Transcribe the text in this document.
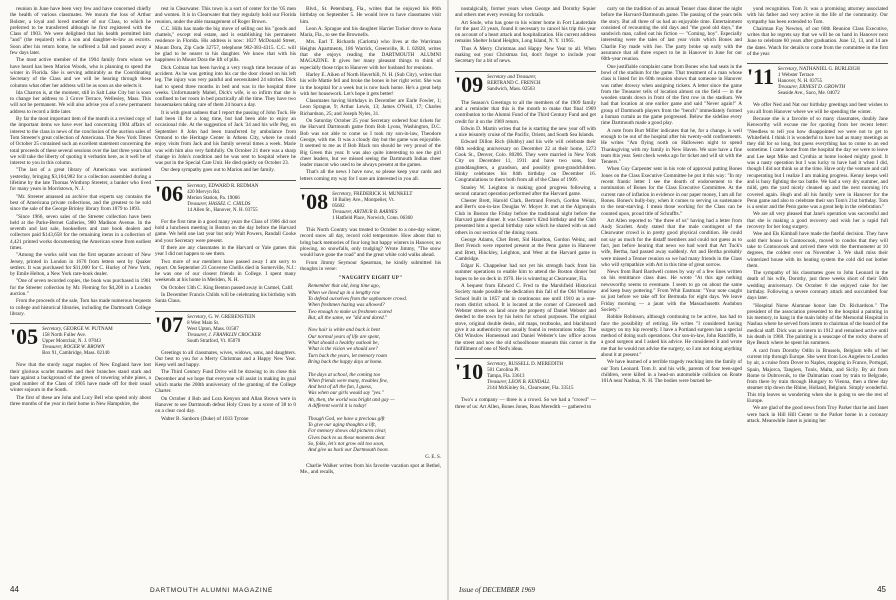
reunion in June have been very few and have concerned chiefly the health of various classmates. We mourn the loss of Arthur Bolster, a loyal and loved member of our Class, to which he preferred to be transferred although he first registered with the Class of 1903. We were delighted that his health permitted him "and" (the required) with a son and daughter-in-law as escorts. Soon after his return home, he suffered a fall and passed away a few days later.

The most active member of the 1904 family from whom we have heard has been Marion Woods, who is planning to spend the winter in Florida. She is serving admirably as the Coordinating Secretary of the Class and we will be hearing through these columns what other her address will be as soon as she selects it.

Ida Charron is, at the moment, still in Salt Lake City but is soon to change her address to 3 Grove Terrace, Wellesley, Mass. This will not be permanent. We will also advise you of a new permanent address to record a little later.

By far the most important item of the month is a revised copy of the important items we have ever had concerning 1904 affairs of interest to the class in news of the conclusion of the auction sales of Tom Streeter's great collection of Americana. The New York Times of October 25 contained such an excellent statement concerning the total proceeds of these several sessions over the last three years that we will take the liberty of quoting it verbatim here, as it well be of interest to you in this column.

"The last of a great library of Americana was auctioned yesterday, bringing $3,104,982 for a collection assembled during a lifetime by the late Thomas Winthrop Streeter, a banker who lived for many years in Morristown, N. J.

"Mr. Streeter amassed an archive that experts say contains the best of Americana private collections, and the greatest to be sold since the sale of the George Brinley library from 1879 to 1893.

"Since 1966, seven sales of the Streeter collection have been held at the Parke-Bernet Galleries, 980 Madison Avenue. In the seventh and last sale, booksellers and rare book dealers and collectors paid $143,658 for the remaining items in a collection of 4,421 printed works documenting the American scene from earliest times.

"Among the works sold was the first separate account of New Jersey, printed in London in 1676 from letters sent by Quaker settlers. It was purchased for $11,000 for C. Hurley of New York, by Emile Helton, a New York rare-book dealer.

"One of seven recorded copies, the book was purchased in 1961 for the Streeter collection by Mr. Fleming for $4,200 in a London auction."

From the proceeds of the sale, Tom has made numerous bequests to college and historical libraries, including the Dartmouth College library.

'05 Secretary, GEORGE W. PUTNAM
158 North Fuller Ave.
Upper Montclair, N. J. 07043
Treasurer, ROGER W. BROWN
Box 91, Cambridge, Mass. 02140

Now that the sturdy sugar maples of New England have lost their glorious scarlet mantles and their branches stand stark and bare against a background of the green of towering white pines, a good number of the Class of 1905 have made off for their usual winter sojourn in the South.

The first of these are John and Lucy Bell who spend only about three months of the year in their home in New Hampshire, the

rest in Clearwater. This town is a sort of center for the '05 men and women. It is in Clearwater that they regularly hold our Florida reunion, under the able management of Roger Brown.

C.C. Hills has made the big move of selling out his "goods and chattels," except real estate, and is establishing his permanent residence in Florida. His address is now: 1027 McDonald Street, Mount Dora, Zip Code 32757, telephone 902-383-4315. C.C. will be glad to be nearer to his daughter. We know that with his happiness in Mount Dora the lift of pills.

Dick Colman has been having a very rough time because of an accident. As he was getting into his car the door closed on his left leg. The injury was very painful and necessitated 24 stitches. Dick had to spend three months in bed and was in the hospital three weeks. Unfortunately Mabel, Dick's wife, is so infirm that she is confined to her room in bed practically all the time. They have two housemakers taking care of them 24 hours a day.

It is with great sadness that I report the passing of John Tuck. He had been ill for a long time, but had been able to enjoy an occasional ride. At the suggestion of Jack '34 and his wife Peg, on September 8 John had been transferred by ambulance from Ormond to the Heritage Center in Athens City, where he could enjoy visits from Jack and his family several times a week. Marie was with him also very faithfully. On October 21 there was a sharp change in John's condition and he was sent to hospital where he was put in the Special Care Unit. He died quietly on October 23.

Our deep sympathy goes out to Marion and her family.

'06 Secretary, EDWARD R. REDMAN
420 Mervyn Rd.
Merion Station, Pa. 19066
Treasurer, HASSEL C. CHILDS
14 Allen St., Hanover, N. H. 03755

For the first time in a good many years the Class of 1906 did not hold a luncheon meeting in Boston on the day before the Harvard game. We held one last year but only Walt Powers, Randall Cooke and your Secretary were present.

If there are any classmates in the Harvard or Yale games this year I did not happen to see them.

Two more of our members have passed away I am sorry to report. On September 23 Converse Chellis died in Somerville, N.J.: he was one of our closest friends in College. I spent many weekends at his home in Meriden, N. H.

On October 13th C. King Benton passed away in Carmel, Calif.

In December Francis Childs will be celebrating his birthday with Santa Claus.

'07 Secretary, G. W. GREBENSTEIN
8 West Main St.
West Upton, Mass. 01587
Treasurer, J. FRANKLIN CROCKER
South Stratford, Vt. 05070

Greetings to all classmates, wives, widows, sons, and daughters. Our best to you for a Merry Christmas and a Happy New Year. Keep well and happy.

The Third Century Fund Drive will be drawing to its close this December and we hope that everyone will assist in making its goal which marks the 200th anniversary of the granting of the College Charter.

On October 4 Bob and Lora Kenyon and Allan Brown were in Hanover to see Dartmouth defeat Holy Cross by a score of 38 to 0 on a clear cool day.

Walter B. Sanborn (Duke) of 1033 Tyrone

Blvd., St. Petersburg, Fla., writes that he enjoyed his 86th birthday on September 5. He would love to have classmates visit him.

Leon A. Sprague and his daughter Harriet Tucker drove to Anna Maria, Fla., to see the Brownells.

Mrs. Earl T. Richards (Carlotta) who lives at the Warriman Heights Apartments, 186 Warrick, Greenville, R. I. 02828, writes that she enjoys reading the DARTMOUTH ALUMNI MAGAZINE. It gives her many pleasant things to think of especially those trips to Hanover with her husband for reunions.

Harley E. Aiken of North Haverhill, N. H. (Sub City), writes that his wife Mattie fell and broke the bones in her right wrist. She was in the hospital for a week but is now back home. He's a great help with her housework. Let's hope it gets better!

Classmates having birthdays in December are Earle Fowler, 1; Leon Sprague, 9; Arthur Lewis, 13; James O'Neill, 17; Charles Richardson, 25; and Joseph Nyles, 31.

On Saturday October 25 your Secretary ordered four tickets for the Harvard Dartmouth game from Bob Lyons, Washington, D.C. Bob was not able to come so I took my son-in-law, Theodore George, with me. It was a cloudy day but the game was enjoyable. It seemed to me as if Bob Black ton should be very proud of the Big Green this year. It was also quite interesting to see the girl cheer leaders, but we missed seeing the Dartmouth Indian cheer leader mascot who used to be always present at the games.

That's all the news I have now, so please keep your cards and letters coming my way for I sure am interested in you all.

'08 Secretary, FREDERICK H. MUNKELT
18 Bailey Ave., Montpelier, Vt.
05602
Treasurer, ARTHUR B. BARNES
1 Hatfield Place, Norwich, Conn. 06360

This North Country was treated to October to a one-day winter, record snow all day, record cold temperature. How about that to bring back memories of four long but happy winters in Hanover, no plowing, no snowfalls, only trudging? Wrote Jimmy, "The snow would have gone the road" and the great white cold walks ahead.

From Jimmy Seymour Spearman, he kindly submitted his thoughts in verse:

"NAUGHTY EIGHT UP"

Remember that old, long time ago,
When we lined up in a lengthy row
To defend ourselves from the sophomore crowd.
When freshmen hazing was allowed?
Two enough to make us freshmen scared
But, all the same, we "did and dared."

Now hair is white and back is bent
Our normal years of life are spent,
What should a healthy outlook be,
What is the vision we should see?
Turn back the years, let memory roam
Bring back the happy days at home.

The days at school, the coming too
When friends were many, troubles few,
And best of all the fun, I guess,
Was when our girls would say "yes."
Ah, then, the world was bright and gay —
A different world it is today!

Though God, we have a precious gift
To give our aging thoughts a lift,
For memory shows old pictures clear,
Gives back to us those moments dear.
So, folks, let's not grow old too soon,
And give us back our Dartmouth boon.

G. E. S.

Charlie Walker writes from his favorite vacation spot at Bethel, Me., and recalls,

44	DARTMOUTH ALUMNI MAGAZINE

nostalgically, former years when George and Dorothy Squier and others met every evening for cocktails.

Art Soule, who has gone to his winter home in Fort Lauderdale for the past 23 years, found it necessary to cancel his trip this year on account of a heart attack and hospitalization. His current address remains Shelter Island Heights, Long Island, N. Y. 11965.

Thus A Merry Christmas and Happy New Year to all. When making out your Christmas list, don't forget to include your Secretary for a bit of news.

'09 Secretary and Treasurer,
BERTRAND C. FRENCH
Sandwich, Mass. 02563

The Season's Greetings to all the members of the 1909 family and a reminder that this is the month to make that final 1969 contribution to the Alumni Fund of the Third Century Fund and get credit for it on the 1969 return.

Edwin D. Martin writes that he is starting the new year off with a nice leisurely cruise of the Pacific, Orient, and South Sea Islands.

Edward Dillon Rich (Hubby) and his wife will celebrate their 60th wedding anniversary on December 22 at their home, 1273 Cook St., Denver, Colo. 80206. They were married in New York City on December 11, 1911 and have two sons, four granddaughters, a grandson, and possibly great-grandchildren. Hinky celebrates his 84th birthday on December 16. Congratulations to them both from all of the Class of 1909.

Stanley W. Leighton is making good progress following a second cataract operation performed after the Harvard game.

Chester Brett, Harold Clark, Bertrand French, Gordon Weinz, and Bert's son-in-law Douglas W. Moyer Jr. met at the Algonquin Club in Boston the Friday before the traditional night before the Harvard game dinner. It was Chester's 82nd birthday and the Club presented him a special birthday cake which he shared with us and others in our section of the dining room.

George Adams, Chet Brett, Sid Hazelton, Gordon Weinz, and Bert French were reported present at the Penn game in Hanover and Brett, Hinckley, Leighton, and West at the Harvard game in Cambridge.

Edgar K. Chappelear had not yet his strength back from his summer operations to enable him to attend the Boston dinner but hopes to be on deck in 1970. He is wintering at Clearwater, Fla.

A bequest from Edward C. Fred to the Marshfield Historical Society made possible the dedication this fall of the Old Winslow School built in 1857 and in continuous use until 1910 as a one-room district school. It is located at the corner of Careswell and Webster streets on land once the property of Daniel Webster and deeded to the town by his heirs for school purposes. The original stove, original double desks, old maps, textbooks, and blackboard give it an authenticity not usually found in restorations today. The Old Winslow Homestead and Daniel Webster's law office across the street and now the old schoolhouse museum this corner is the fulfillment of one of Ned's ideas.

'10 Secretary, RUSSELL D. MEREDITH
501 Carolina Pl.
Tampa, Fla. 33613
Treasurer, LEON B. KENDALL
2144 McKinley St., Clearwater, Fla. 33515

Two's a company — three is a crowd. So we had a "crowd" — three of us: Art Allen, Bones Jones, Russ Meredith — gathered to

carry on the tradition of an annual Tenner class dinner the night before the Harvard-Dartmouth game. The passing of the years tells the story. But all three of us had an enjoyable time. Entertainment consisted of recounting the old days and "the good old days," the sandwich man, called out his fiction — "Coming, boy". Especially interesting were the tales of last year visits which Bones and Charlie Fay made with Joe. The party broke up early with the assurance that all three expect to be in Hanover in June for our 60th-year reunion.

One justifiable complaint came from Bones who had seats in the bowl of the stadium for the game. That treatment of a man whose class is listed for its 60th reunion shows that someone in Hanover was rather drowsy when assigning tickets. A letter since the game from the Treasurer tells of location almost on the field — in the wooden stands down in front of the first row in the stadium. We had that location at one earlier game and said "Never again!" A group of Dartmouth players from the "bench" immediately formed a human curtain as the game progressed. Below the sideline every time Dartmouth made a good play.

A note from Burt Miller indicates that he, for a change, is well enough to be out of the hospital after his twenty-odd confinements. He writes "Am flying north on Halloween night to spend Thanksgiving with my family in New Haven. We sure have a fine team this year. Sent check weeks ago for ticket and will sit with the Tenners."

When Guy Carpenter sent in his vote of approval putting Bones Jones on the Class Executive Committee he put it this way: "In my recent frantic letter I see the dearth of endorsement to the nomination of Bones for the Class Executive Committee. At the current rate of inflation in evidence in our paper money, I am all for Bones. Bones's bully-boy, when it comes to serving us sustenance to the near-starving. I mean those working for the Class can be counted upon, proud title of Schraffts."

Art Allen reported to "the three of us" having had a letter from Andy Scarlett. Andy stated that the male contingent of the Clearwater crowd is in pretty good physical condition. He could not say as much for the distaff members and could not guess as to fact, just before hearing that news we had word that Art Tuck's wife, Bertha, had passed away suddenly. Art and Bertha probably were missed a Tenner reunion so we had many friends in the Class who will sympathize with Art in this time of great sorrow.

News from Bard Bardwell comes by way of a few lines written on his remittance class dues. He wrote "At this age nothing newsworthy seems to eventuate. I seem to go on about the same and keep busy pottering." From Whit Eastman: "Your note caught us just before we take off for Bermuda for eight days. We leave Friday morning — a jaunt with the Massachusetts Audubon Society."

Robbie Robinson, although continuing to be active, has had to face the possibility of retiring. He writes "I considered having surgery on my hip recently. I have a Portland surgeon has a special method of doing such operations. Our son-in-law, John Ratcliffe, is a good surgeon and I asked his advice. He considered it and wrote me that he would not advise the surgery, so I am not doing anything about it at present."

We have learned of a terrible tragedy reaching into the family of our Tom Leonard. Tom Jr. and his wife, parents of four teen-aged children, were killed in a head-on automobile collision on Route 101A near Nashua, N. H. The bodies were burned be-

yond recognition. Tom Jr. was a promising attorney associated with his father and very active in the life of the community. Our sympathy has been extended to Tom.

Chairman Fay Newton, of our 60th Reunion Class Executive, writes that he regrets say that we will be on hand in Hanover next June to celebrate 60 years after graduation. June 12, 13, and 14 are the dates. Watch for details to come from the committee in the first of the year.

'11 Secretary, NATHANIEL G. BURLEIGH
1 Webster Terrace
Hanover, N. H. 03755
Treasurer, ERNEST D. GROWTH
Seaside Ave., Saco, Me. 04072

We offer Ned and Nat our birthday greetings and best wishes to you all from Hanover where we will be spending the winter.

Because she is a favorite of so many classmates, doubly Jane Kenworthy will excuse me for quoting from her recent letter: "Needless to tell you how disappointed we were not to get to Whitefield. I think it is wonderful to have had as many meetings as they did for so long, but guess everything has to come to an end sometime. I came home from the hospital the day we were to leave and Lee kept Mike and Cynthia at home looked mighty good. It was a nasty operation but I was lucky to have had it when I did, though I did not think so at the time. Have only the venture and call recuperating but I realize I am making progress. Kenny keeps well and is busy fighting the tax battle. We had a very dry summer, and mild, gets the yard nicely cleaned up and the next morning it's covered again. Hugh and all his family were in Hanover for the Penn game and also to celebrate their son Tom's 21st birthday. Tom is a senior and the Penn game was a great help in the celebration."

We are all very pleased that Jane's operation was successful and that she is making a good recovery and wish her a rapid full recovery for her long surgery.

Wee and Els Kimball have made the fateful decision. They have sold their house in Contoocook, moved to condos that they will take to Contoocook and arrived there with the thermometer at 10 degrees, the coldest ever on November 3. We shall miss their winterized house with its heating system the cold did not bother them.

The sympathy of his classmates goes to John Leonard in the death of his wife, Dorothy, just three weeks short of their 50th wedding anniversary. On October 8 she enjoyed cake for her birthday. Following a severe coronary attack and succumbed four days later.

"Hospital Nurse Alumnae honor late Dr. Richardson." The president of the association presented to the hospital a painting in his memory, to hang in the main lobby of the Memorial Hospital in Nashua where he served from intern to chairman of the board of the medical staff. Dick was an intern in 1912 and remained active until his death in 1968. The painting is a seascape of the rocky shores of Rye Beach where he spent his summers.

A card from Dorothy Odlin in Brussels, Belgium tells of her current trip through Europe. She went from Los Angeles to London by air, a cruise from Dover to Naples, stopping in France, Portugal, Spain, Majorca, Tangiers, Tunis, Malta, and Sicily. By air from Rome to Dubrovnik, to the Dalmatian coast by train to Belgrade, from there by train through Hungary to Vienna, then a three day steamer trip down the Rhine, Holland, Belgium. Simply wonderful. This trip leaves us wondering when she is going to see the rest of Europe.

We are glad of the good news from Troy Parker that he and Janet were back in Hill Hill Center to the Parker home in a coronary attack. Meanwhile Janet is joining her

Issue of DECEMBER 1969	45
